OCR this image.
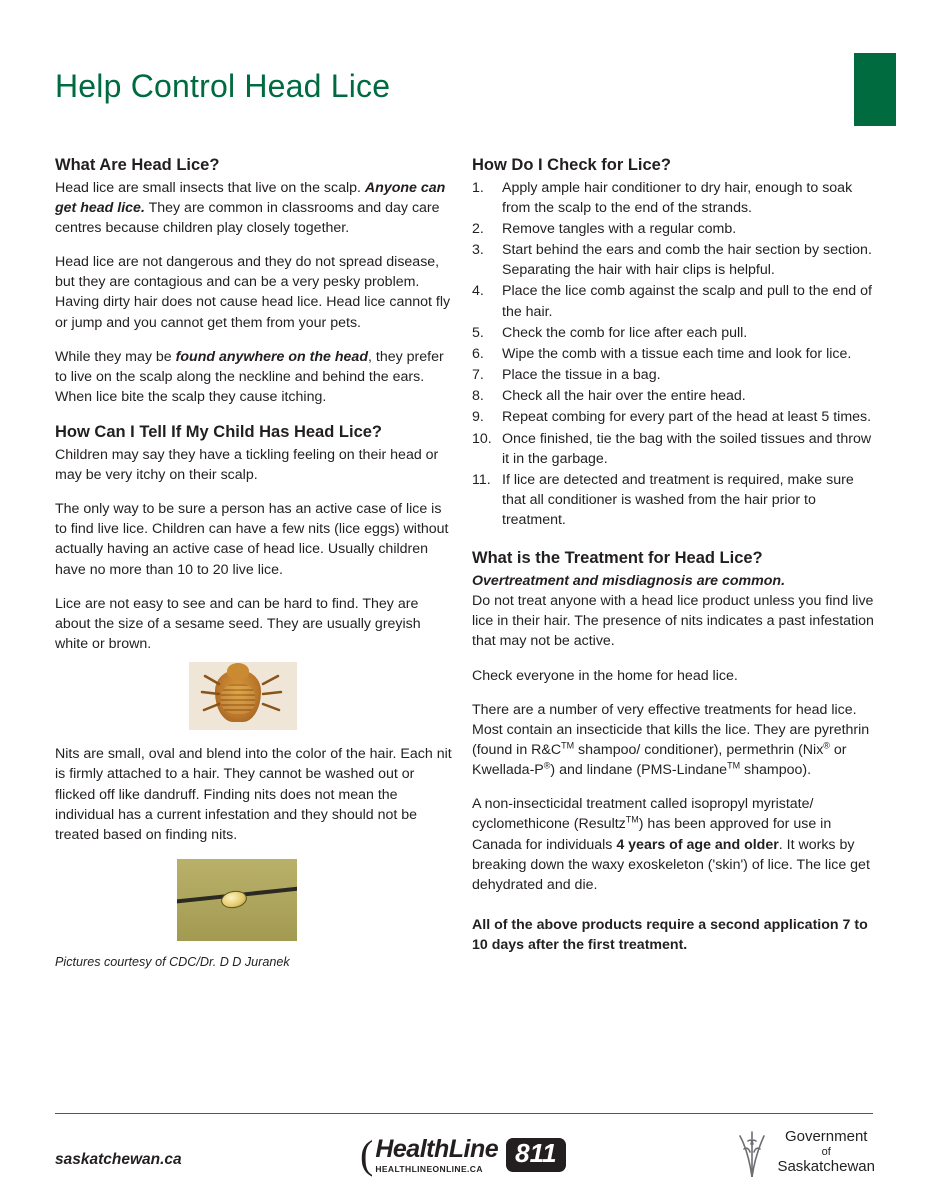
Help Control Head Lice
What Are Head Lice?

Head lice are small insects that live on the scalp. Anyone can get head lice. They are common in classrooms and day care centres because children play closely together.

Head lice are not dangerous and they do not spread disease, but they are contagious and can be a very pesky problem. Having dirty hair does not cause head lice. Head lice cannot fly or jump and you cannot get them from your pets.

While they may be found anywhere on the head, they prefer to live on the scalp along the neckline and behind the ears. When lice bite the scalp they cause itching.

How Can I Tell If My Child Has Head Lice?

Children may say they have a tickling feeling on their head or may be very itchy on their scalp.

The only way to be sure a person has an active case of lice is to find live lice. Children can have a few nits (lice eggs) without actually having an active case of head lice. Usually children have no more than 10 to 20 live lice.

Lice are not easy to see and can be hard to find. They are about the size of a sesame seed. They are usually greyish white or brown.

Nits are small, oval and blend into the color of the hair. Each nit is firmly attached to a hair. They cannot be washed out or flicked off like dandruff. Finding nits does not mean the individual has a current infestation and they should not be treated based on finding nits.

Pictures courtesy of CDC/Dr. D D Juranek
How Do I Check for Lice?
1.	Apply ample hair conditioner to dry hair, enough to soak from the scalp to the end of the strands.
2.	Remove tangles with a regular comb.
3.	Start behind the ears and comb the hair section by section. Separating the hair with hair clips is helpful.
4.	Place the lice comb against the scalp and pull to the end of the hair.
5.	Check the comb for lice after each pull.
6.	Wipe the comb with a tissue each time and look for lice.
7.	Place the tissue in a bag.
8.	Check all the hair over the entire head.
9.	Repeat combing for every part of the head at least 5 times.
10. Once finished, tie the bag with the soiled tissues and throw it in the garbage.
11. If lice are detected and treatment is required, make sure that all conditioner is washed from the hair prior to treatment.
What is the Treatment for Head Lice?

Overtreatment and misdiagnosis are common.

Do not treat anyone with a head lice product unless you find live lice in their hair. The presence of nits indicates a past infestation that may not be active.

Check everyone in the home for head lice.

There are a number of very effective treatments for head lice. Most contain an insecticide that kills the lice. They are pyrethrin (found in R&C™ shampoo/ conditioner), permethrin (Nix® or Kwellada-P®) and lindane (PMS-Lindane™ shampoo).

A non-insecticidal treatment called isopropyl myristate/ cyclomethicone (Resultz™) has been approved for use in Canada for individuals 4 years of age and older. It works by breaking down the waxy exoskeleton ('skin') of lice. The lice get dehydrated and die.

All of the above products require a second application 7 to 10 days after the first treatment.

saskatchewan.ca	( HealthLine
HEALTHLINEONLINE.CA
811
Government
of
Saskatchewan
